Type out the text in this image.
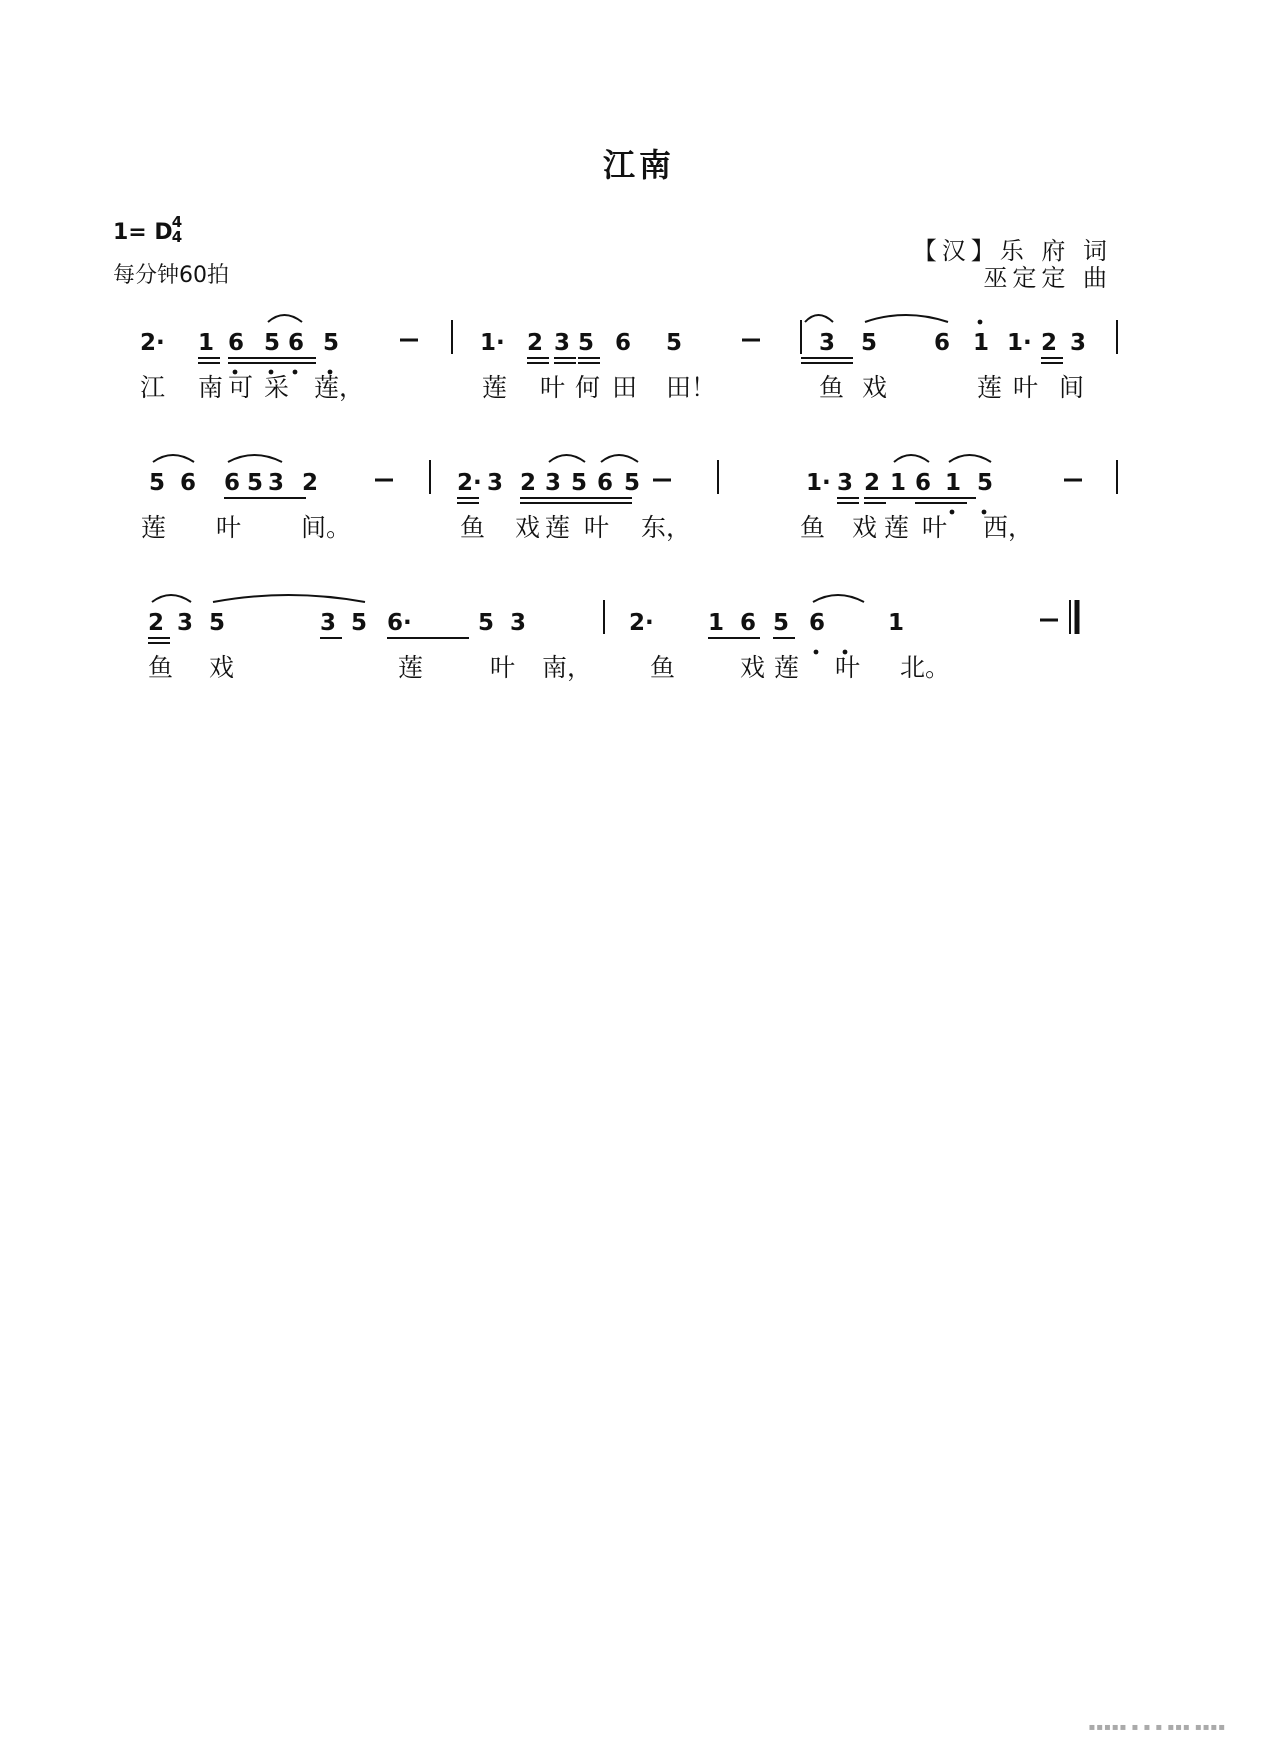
江南
1= D 4
4
每分钟60拍
【汉】乐 府 词
巫定定 曲
2· 1 6 5 6 5	1· 2 3 5 6 5	3 5 6 1 1· 2 3
江 南 可 采 莲，	莲 叶 何 田 田！	鱼 戏	莲 叶 间
5 6 6 5 3 2	2· 3 2 3 5 6 5	1· 3 2 1 6 1 5
莲 叶 间。	鱼 戏 莲 叶 东，	鱼 戏 莲 叶 西，
2 3 5	3 5 6·	5 3	2· 1 6 5 6	1
鱼 戏	莲	叶 南， 鱼	戏 莲 叶 北。
▪▪▪▪▪ ▪ ▪ ▪ ▪▪▪ ▪▪▪▪
